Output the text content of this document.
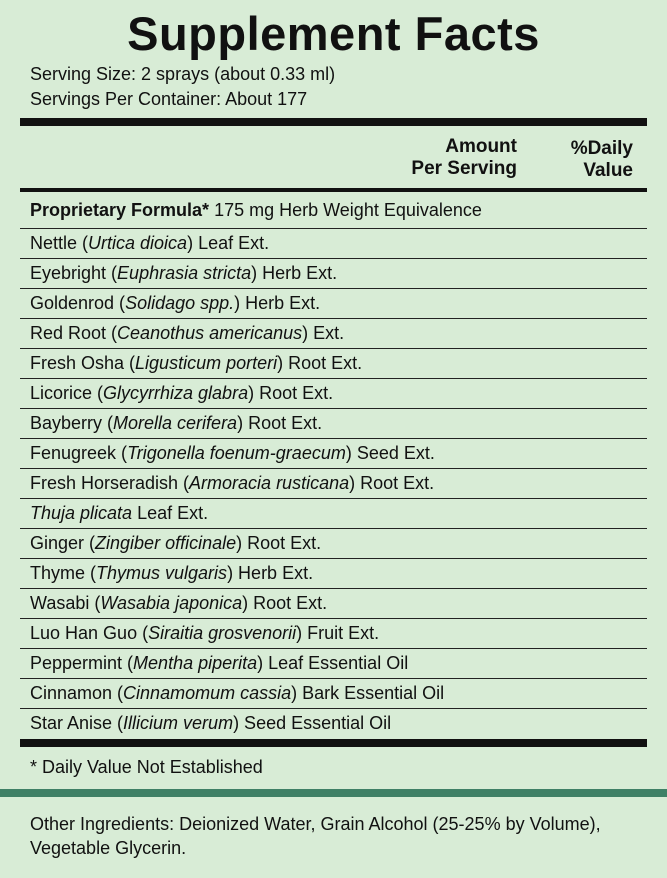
Supplement Facts
Serving Size: 2 sprays (about 0.33 ml)
Servings Per Container: About 177
Amount
Per Serving
%Daily
Value
Proprietary Formula* 175 mg Herb Weight Equivalence
Nettle (Urtica dioica) Leaf Ext.
Eyebright (Euphrasia stricta) Herb Ext.
Goldenrod (Solidago spp.) Herb Ext.
Red Root (Ceanothus americanus) Ext.
Fresh Osha (Ligusticum porteri) Root Ext.
Licorice (Glycyrrhiza glabra) Root Ext.
Bayberry (Morella cerifera) Root Ext.
Fenugreek (Trigonella foenum-graecum) Seed Ext.
Fresh Horseradish (Armoracia rusticana) Root Ext.
Thuja plicata Leaf Ext.
Ginger (Zingiber officinale) Root Ext.
Thyme (Thymus vulgaris) Herb Ext.
Wasabi (Wasabia japonica) Root Ext.
Luo Han Guo (Siraitia grosvenorii) Fruit Ext.
Peppermint (Mentha piperita) Leaf Essential Oil
Cinnamon (Cinnamomum cassia) Bark Essential Oil
Star Anise (Illicium verum) Seed Essential Oil
* Daily Value Not Established
Other Ingredients: Deionized Water, Grain Alcohol (25-25% by Volume), Vegetable Glycerin.
